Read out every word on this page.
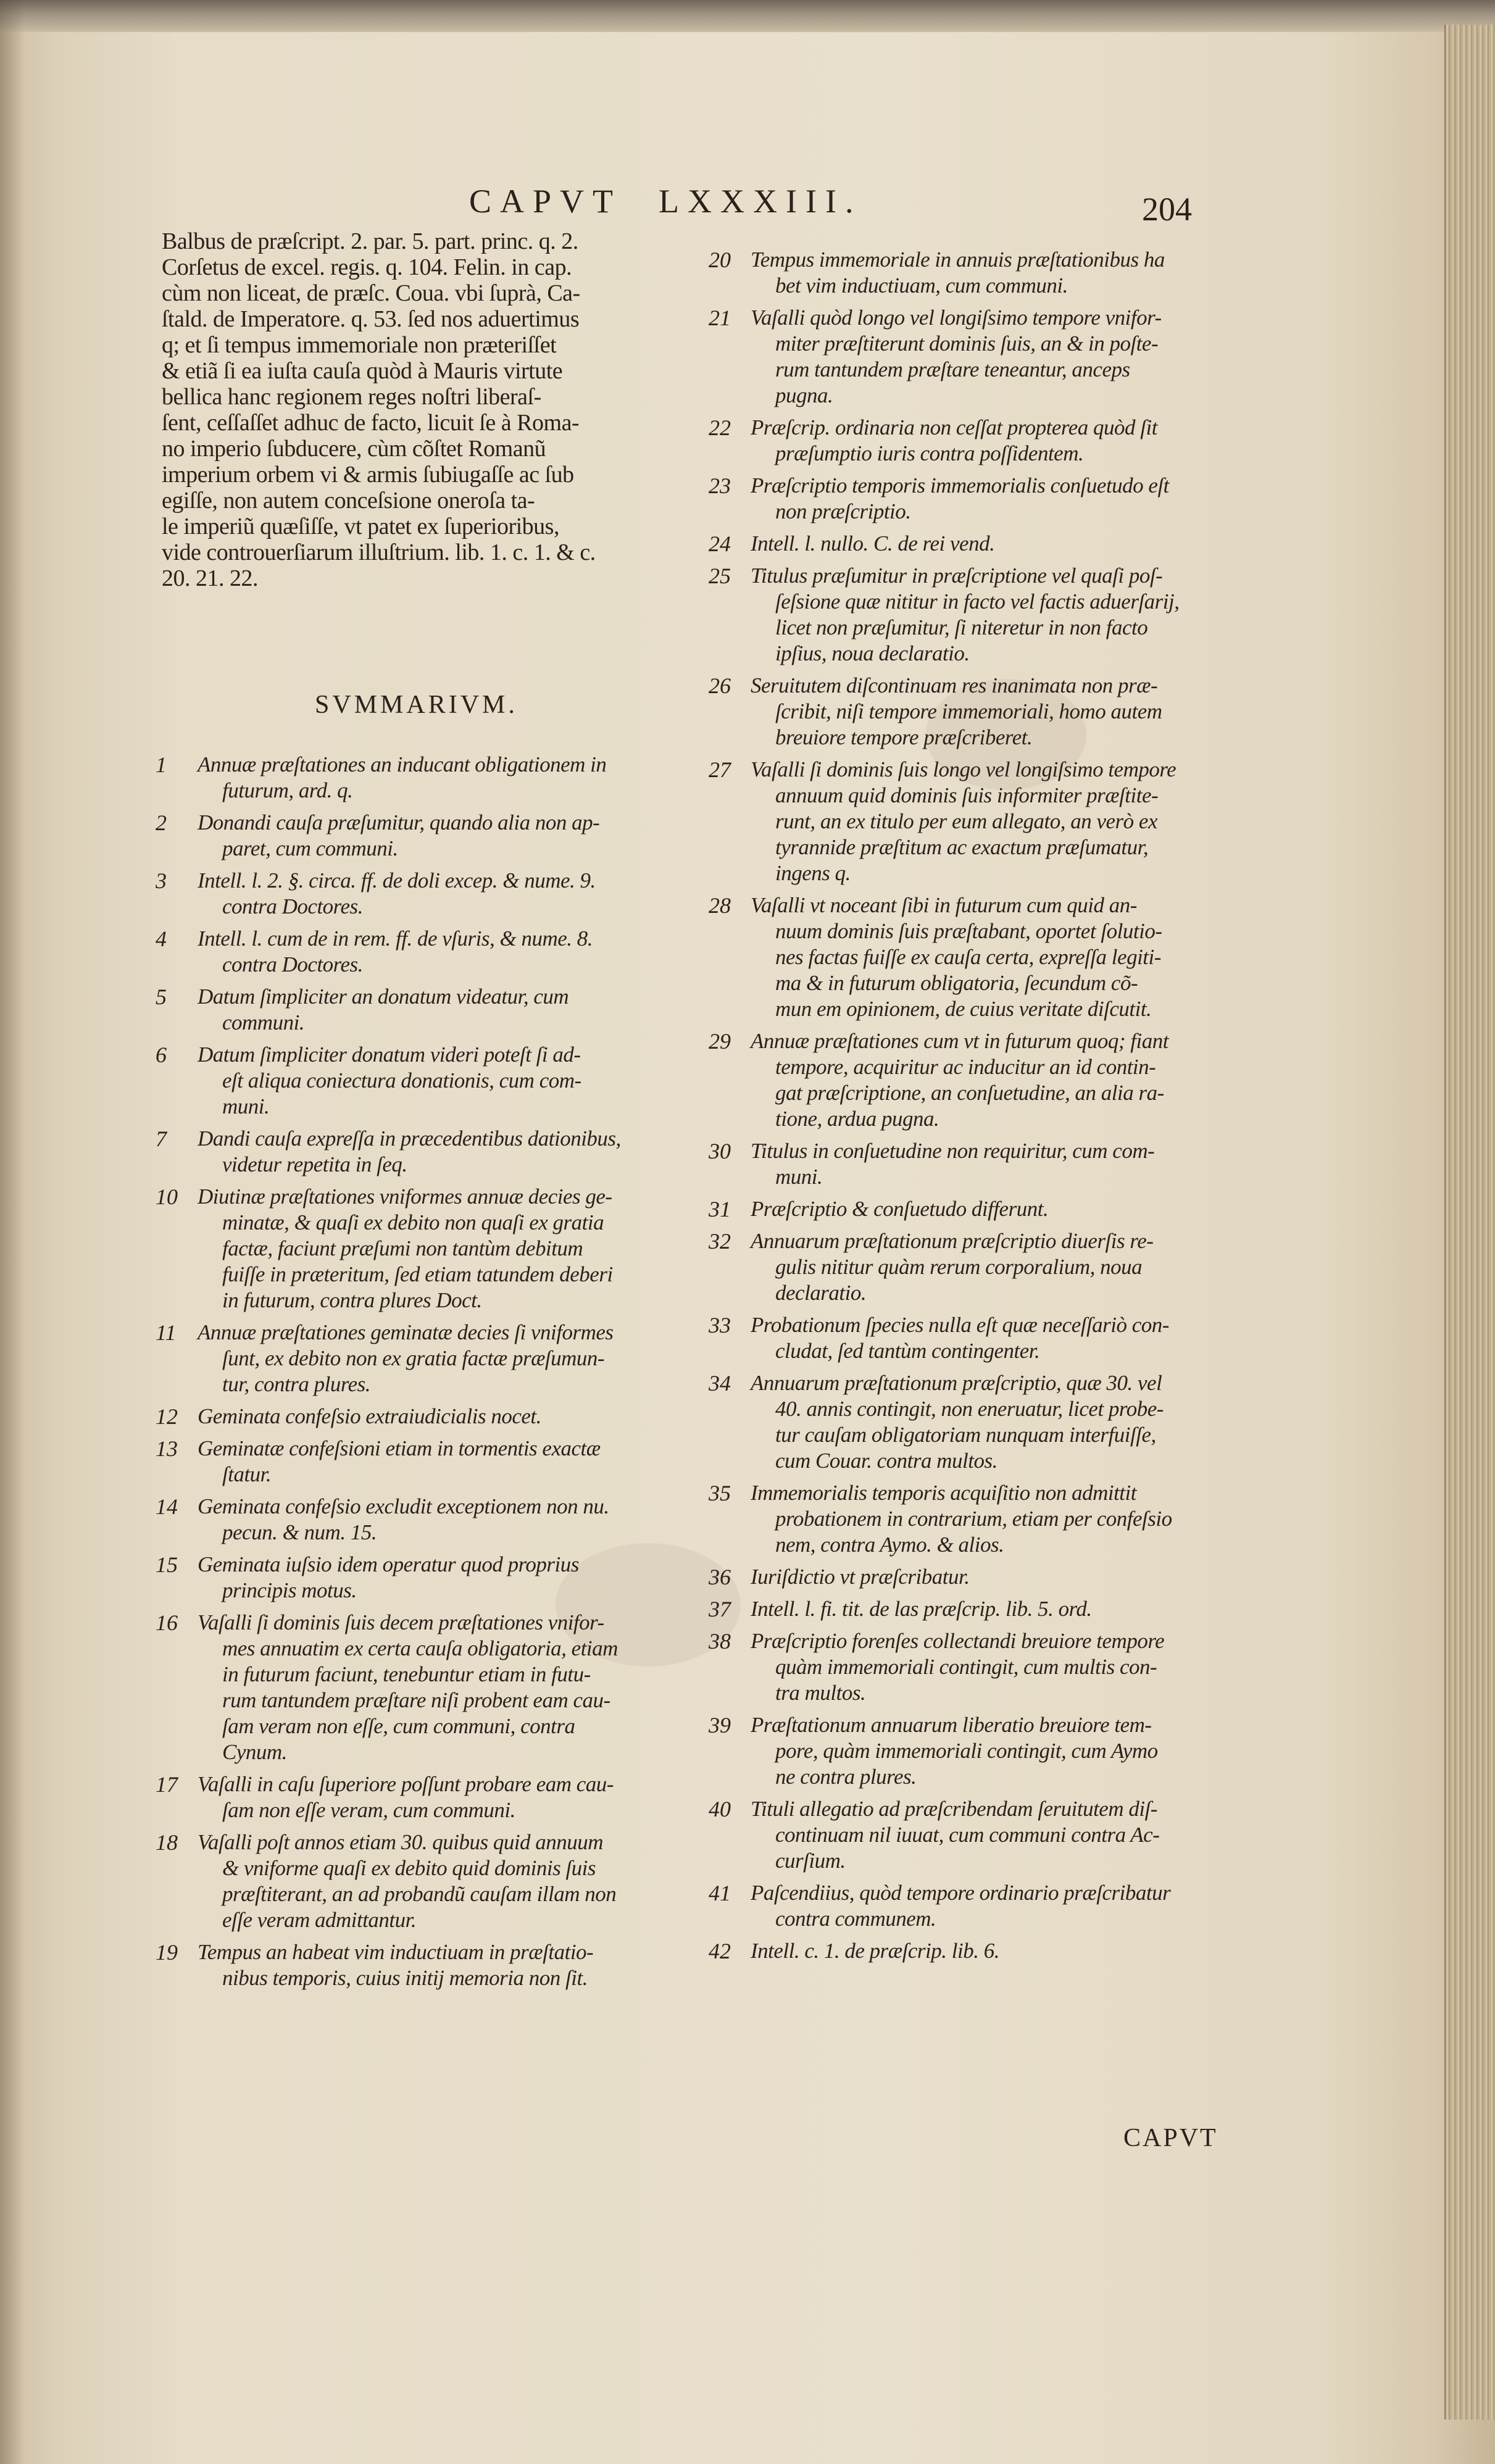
CAPVT LXXXIII.	204
Balbus de præſcript. 2. par. 5. part. princ. q. 2.
Corſetus de excel. regis. q. 104. Felin. in cap.
cùm non liceat, de præſc. Coua. vbi ſuprà, Ca-
ſtald. de Imperatore. q. 53. ſed nos aduertimus
q; et ſi tempus immemoriale non præteriſſet
& etiã ſi ea iuſta cauſa quòd à Mauris virtute
bellica hanc regionem reges noſtri liberaſ-
ſent, ceſſaſſet adhuc de facto, licuit ſe à Roma-
no imperio ſubducere, cùm cõſtet Romanũ
imperium orbem vi & armis ſubiugaſſe ac ſub
egiſſe, non autem conceſsione oneroſa ta-
le imperiũ quæſiſſe, vt patet ex ſuperioribus,
vide controuerſiarum illuſtrium. lib. 1. c. 1. & c.
20. 21. 22.
SVMMARIVM.
1	Annuæ præſtationes an inducant obligationem in
futurum, ard. q.
2	Donandi cauſa præſumitur, quando alia non ap-
paret, cum communi.
3	Intell. l. 2. §. circa. ff. de doli excep. & nume. 9.
contra Doctores.
4	Intell. l. cum de in rem. ff. de vſuris, & nume. 8.
contra Doctores.
5	Datum ſimpliciter an donatum videatur, cum
communi.
6	Datum ſimpliciter donatum videri poteſt ſi ad-
eſt aliqua coniectura donationis, cum com-
muni.
7	Dandi cauſa expreſſa in præcedentibus dationibus,
videtur repetita in ſeq.
10 Diutinæ præſtationes vniformes annuæ decies ge-
minatæ, & quaſi ex debito non quaſi ex gratia
factæ, faciunt præſumi non tantùm debitum
fuiſſe in præteritum, ſed etiam tatundem deberi
in futurum, contra plures Doct.
11 Annuæ præſtationes geminatæ decies ſi vniformes
ſunt, ex debito non ex gratia factæ præſumun-
tur, contra plures.
12 Geminata confeſsio extraiudicialis nocet.
13 Geminatæ confeſsioni etiam in tormentis exactæ
ſtatur.
14 Geminata confeſsio excludit exceptionem non nu.
pecun. & num. 15.
15 Geminata iuſsio idem operatur quod proprius
principis motus.
16 Vaſalli ſi dominis ſuis decem præſtationes vnifor-
mes annuatim ex certa cauſa obligatoria, etiam
in futurum faciunt, tenebuntur etiam in futu-
rum tantundem præſtare niſi probent eam cau-
ſam veram non eſſe, cum communi, contra
Cynum.
17 Vaſalli in caſu ſuperiore poſſunt probare eam cau-
ſam non eſſe veram, cum communi.
18 Vaſalli poſt annos etiam 30. quibus quid annuum
& vniforme quaſi ex debito quid dominis ſuis
præſtiterant, an ad probandũ cauſam illam non
eſſe veram admittantur.
19 Tempus an habeat vim inductiuam in præſtatio-
nibus temporis, cuius initij memoria non ſit.
20 Tempus immemoriale in annuis præſtationibus ha
bet vim inductiuam, cum communi.
21 Vaſalli quòd longo vel longiſsimo tempore vnifor-
miter præſtiterunt dominis ſuis, an & in poſte-
rum tantundem præſtare teneantur, anceps
pugna.
22 Præſcrip. ordinaria non ceſſat propterea quòd ſit
præſumptio iuris contra poſſidentem.
23 Præſcriptio temporis immemorialis conſuetudo eſt
non præſcriptio.
24 Intell. l. nullo. C. de rei vend.
25 Titulus præſumitur in præſcriptione vel quaſi poſ-
ſeſsione quæ nititur in facto vel factis aduerſarij,
licet non præſumitur, ſi niteretur in non facto
ipſius, noua declaratio.
26 Seruitutem diſcontinuam res inanimata non præ-
ſcribit, niſi tempore immemoriali, homo autem
breuiore tempore præſcriberet.
27 Vaſalli ſi dominis ſuis longo vel longiſsimo tempore
annuum quid dominis ſuis informiter præſtite-
runt, an ex titulo per eum allegato, an verò ex
tyrannide præſtitum ac exactum præſumatur,
ingens q.
28 Vaſalli vt noceant ſibi in futurum cum quid an-
nuum dominis ſuis præſtabant, oportet ſolutio-
nes factas fuiſſe ex cauſa certa, expreſſa legiti-
ma & in futurum obligatoria, ſecundum cõ-
mun em opinionem, de cuius veritate diſcutit.
29 Annuæ præſtationes cum vt in futurum quoq; fiant
tempore, acquiritur ac inducitur an id contin-
gat præſcriptione, an conſuetudine, an alia ra-
tione, ardua pugna.
30 Titulus in conſuetudine non requiritur, cum com-
muni.
31 Præſcriptio & conſuetudo differunt.
32 Annuarum præſtationum præſcriptio diuerſis re-
gulis nititur quàm rerum corporalium, noua
declaratio.
33 Probationum ſpecies nulla eſt quæ neceſſariò con-
cludat, ſed tantùm contingenter.
34 Annuarum præſtationum præſcriptio, quæ 30. vel
40. annis contingit, non eneruatur, licet probe-
tur cauſam obligatoriam nunquam interfuiſſe,
cum Couar. contra multos.
35 Immemorialis temporis acquiſitio non admittit
probationem in contrarium, etiam per confeſsio
nem, contra Aymo. & alios.
36 Iuriſdictio vt præſcribatur.
37 Intell. l. fi. tit. de las præſcrip. lib. 5. ord.
38 Præſcriptio forenſes collectandi breuiore tempore
quàm immemoriali contingit, cum multis con-
tra multos.
39 Præſtationum annuarum liberatio breuiore tem-
pore, quàm immemoriali contingit, cum Aymo
ne contra plures.
40 Tituli allegatio ad præſcribendam ſeruitutem diſ-
continuam nil iuuat, cum communi contra Ac-
curſium.
41 Paſcendiius, quòd tempore ordinario præſcribatur
contra communem.
42 Intell. c. 1. de præſcrip. lib. 6.
CAPVT
